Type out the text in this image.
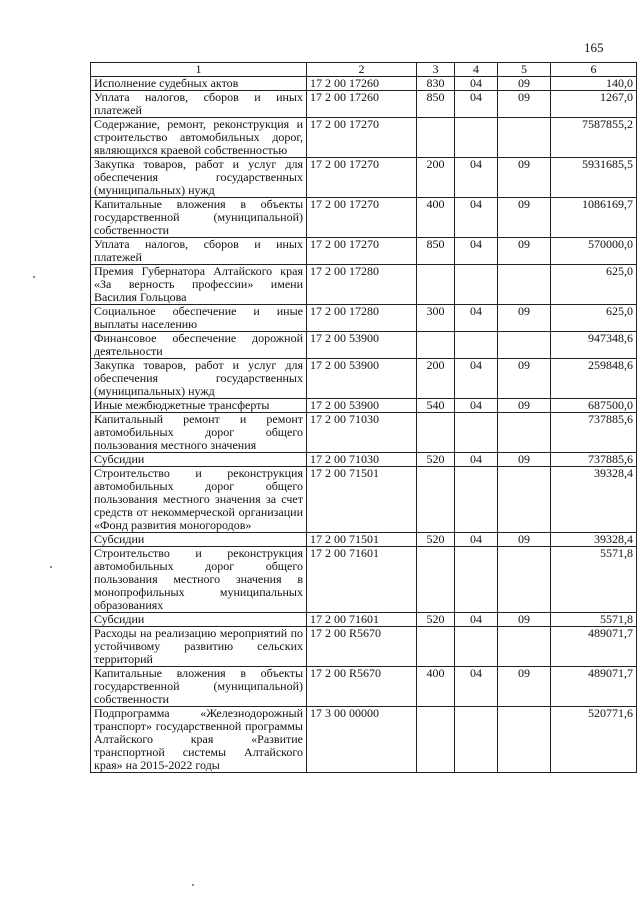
165
1	2	3	4	5	6
Исполнение судебных актов	17 2 00 17260	830	04	09	140,0
Уплата налогов, сборов и иных платежей	17 2 00 17260	850	04	09	1267,0
Содержание, ремонт, реконструкция и строительство автомобильных дорог, являющихся краевой собственностью	17 2 00 17270				7587855,2
Закупка товаров, работ и услуг для обеспечения государственных (муниципальных) нужд	17 2 00 17270	200	04	09	5931685,5
Капитальные вложения в объекты государственной (муниципальной) собственности	17 2 00 17270	400	04	09	1086169,7
Уплата налогов, сборов и иных платежей	17 2 00 17270	850	04	09	570000,0
Премия Губернатора Алтайского края «За верность профессии» имени Василия Гольцова	17 2 00 17280				625,0
Социальное обеспечение и иные выплаты населению	17 2 00 17280	300	04	09	625,0
Финансовое обеспечение дорожной деятельности	17 2 00 53900				947348,6
Закупка товаров, работ и услуг для обеспечения государственных (муниципальных) нужд	17 2 00 53900	200	04	09	259848,6
Иные межбюджетные трансферты	17 2 00 53900	540	04	09	687500,0
Капитальный ремонт и ремонт автомобильных дорог общего пользования местного значения	17 2 00 71030				737885,6
Субсидии	17 2 00 71030	520	04	09	737885,6
Строительство и реконструкция автомобильных дорог общего пользования местного значения за счет средств от некоммерческой организации «Фонд развития моногородов»	17 2 00 71501				39328,4
Субсидии	17 2 00 71501	520	04	09	39328,4
Строительство и реконструкция автомобильных дорог общего пользования местного значения в монопрофильных муниципальных образованиях	17 2 00 71601				5571,8
Субсидии	17 2 00 71601	520	04	09	5571,8
Расходы на реализацию мероприятий по устойчивому развитию сельских территорий	17 2 00 R5670				489071,7
Капитальные вложения в объекты государственной (муниципальной) собственности	17 2 00 R5670	400	04	09	489071,7
Подпрограмма «Железнодорожный транспорт» государственной программы Алтайского края «Развитие транспортной системы Алтайского края» на 2015-2022 годы	17 3 00 00000				520771,6
